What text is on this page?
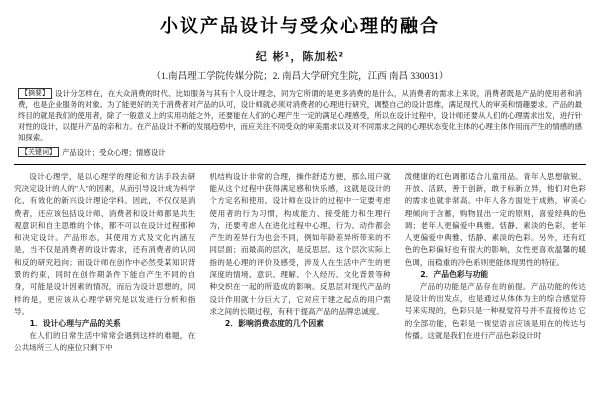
小议产品设计与受众心理的融合
纪 彬¹，陈加松²
（1.南昌理工学院传媒分院；2. 南昌大学研究生院，江西 南昌 330031）
【摘要】 设计分怎样在，在大众消费的时代、比如服务与其有个人设计理念，同为它所谓的是更多消费的是什么，从消费者的需求上来说，消费者既是产品的使用者和消费，也是企业服务的对象。为了能更好的关于消费者对产品的认可，设计师就必须对消费者的心理进行研究，调整自己的设计思维，满足现代人的审美和情趣要求。产品的最终目的就是我们的使用者，除了一般意义上的实用功能之外，还要能在人们的心理产生一定的满足心理感受，所以在设计过程中，设计师还要从人们的心理需求出发，进行针对性的设计，以提升产品的亲和力。在产品设计不断的发展趋势中，而应关注不同受众的审美需求以及对不同需求之间的心理状态变化主体的心理主体作用而产生的情感的感知探索。
【关键词】 产品设计；受众心理；情感设计

设计心理学，是以心理学的理论和方法手段去研究决定设计的人的"人"的因素，从而引导设计成为科学化、有效化的新兴设计理论学科。因此，不仅仅是消费者，还应该包括设计师、消费者和设计师都是共生观意识和自主思维的个体，都不可以在设计过程那种和决定设计。产品形态，其使用方式及文化内涵互是，当不仅是消费者的设计需求，还有消费者的认同和反的研究趋向；而设计师在创作中必然受某知识背景的约束，同时在创作期条件下能自产生不同的自身，可能是设计因素的情况，而后为设计思想的，同样的是，更应该从心理学研究是以发进行分析和指导。

1．设计心理与产品的关系

在人们的日常生活中常常会遇到这样的难题，在公共场所三人的座位只剩下中

机结构设计非常的合理，操作舒适方便，那么用户就能从这个过程中获得满足感和快乐感，这就是设计的个方定名和使用。设计师在设计的过程中一定要考虑使用者的行为习惯，构成能力、接受能力和生理行为，还要考虑人在进化过程中心理、行为、动作都会产生的差异行为也会不同，例如年龄差异所带来的不同层面；而最高的层次，是反思层。这个层次实际上指的是心理的评价及感受，涉及人在生活中产生的更深度的情境、意识、理解、个人经历、文化背景等种种交织在一起的所造成的影响。反思层对现代产品的设计作用就十分巨大了，它对应于建之起点的用户需求之间的长期过程，有利于提高产品的品牌忠诚度。

2．影响消费态度的几个因素

泼健康的红色调都适合儿童用品。青年人思想敏锐、开放、活跃，善于创新，敢于标新立异，他们对色彩的需求也就非常高。中年人各方面处于成熟，审美心理倾向于含蓄，购物显出一定的原则，喜爱经典的色调；老年人更偏爱中典雅、恬静、素淡的色彩，老年人更偏爱中典雅、恬静、素淡的色彩。另外，还有红色的色彩偏好也有很大的影响，女性更喜欢温馨的暖色调，而稳重的冷色系则更能体现男性的特征。

2．产品色彩与功能

产品的功能是产品存在的前提。产品功能的传达是设计的出发点，也是通过从体体为主的综合感觉符号来实现的，色彩只是一种视觉符号并不直接传达 它的全部功能，色彩是一视觉语言应该是用在的传达与传播。这就是我们在进行产品色彩设计时
